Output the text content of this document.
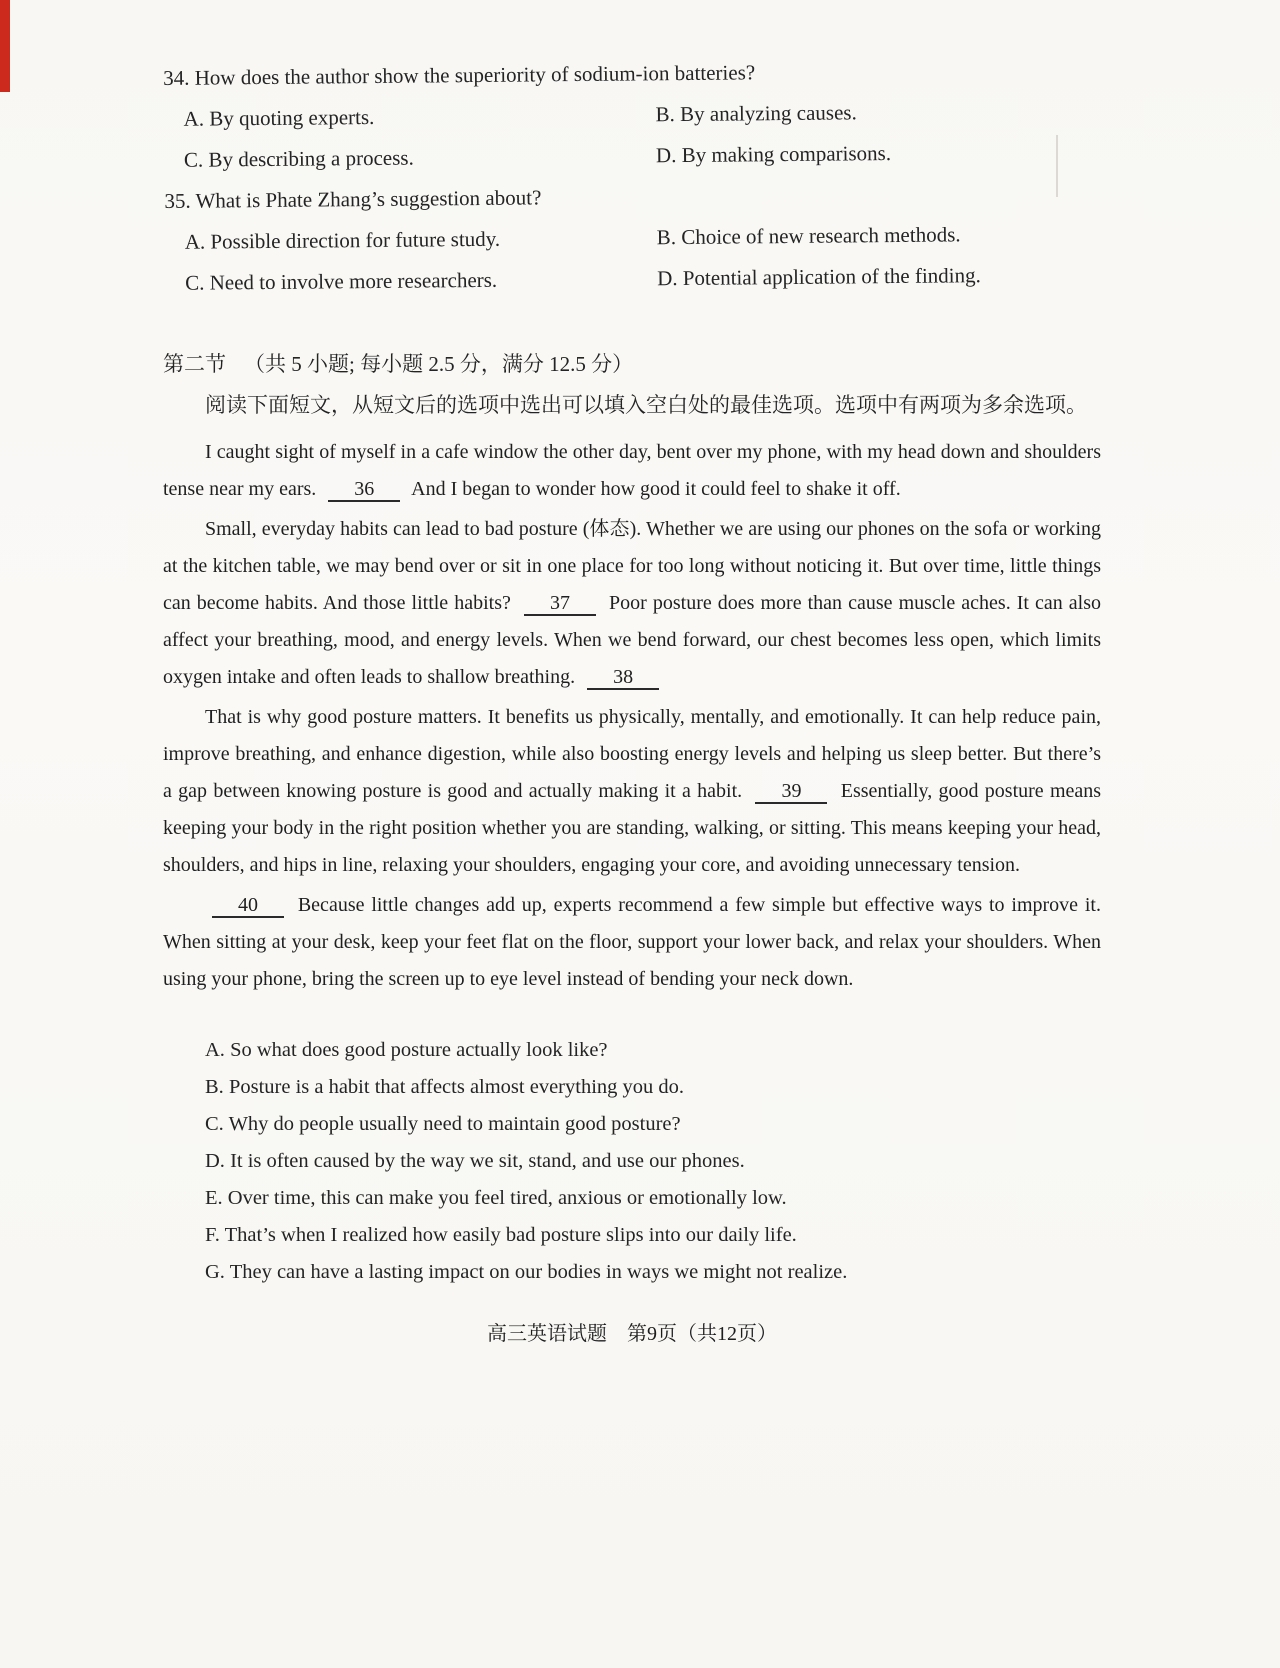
34. How does the author show the superiority of sodium-ion batteries?

A. By quoting experts.	B. By analyzing causes.

C. By describing a process.	D. By making comparisons.

35. What is Phate Zhang’s suggestion about?

A. Possible direction for future study.	B. Choice of new research methods.

C. Need to involve more researchers.	D. Potential application of the finding.

第二节 （共 5 小题; 每小题 2.5 分，满分 12.5 分）

阅读下面短文，从短文后的选项中选出可以填入空白处的最佳选项。选项中有两项为多余选项。

I caught sight of myself in a cafe window the other day, bent over my phone, with my head down and shoulders tense near my ears. 36 And I began to wonder how good it could feel to shake it off.

Small, everyday habits can lead to bad posture (体态). Whether we are using our phones on the sofa or working at the kitchen table, we may bend over or sit in one place for too long without noticing it. But over time, little things can become habits. And those little habits? 37 Poor posture does more than cause muscle aches. It can also affect your breathing, mood, and energy levels. When we bend forward, our chest becomes less open, which limits oxygen intake and often leads to shallow breathing. 38

That is why good posture matters. It benefits us physically, mentally, and emotionally. It can help reduce pain, improve breathing, and enhance digestion, while also boosting energy levels and helping us sleep better. But there’s a gap between knowing posture is good and actually making it a habit. 39 Essentially, good posture means keeping your body in the right position whether you are standing, walking, or sitting. This means keeping your head, shoulders, and hips in line, relaxing your shoulders, engaging your core, and avoiding unnecessary tension.

40 Because little changes add up, experts recommend a few simple but effective ways to improve it. When sitting at your desk, keep your feet flat on the floor, support your lower back, and relax your shoulders. When using your phone, bring the screen up to eye level instead of bending your neck down.

A. So what does good posture actually look like?

B. Posture is a habit that affects almost everything you do.

C. Why do people usually need to maintain good posture?

D. It is often caused by the way we sit, stand, and use our phones.

E. Over time, this can make you feel tired, anxious or emotionally low.

F. That’s when I realized how easily bad posture slips into our daily life.

G. They can have a lasting impact on our bodies in ways we might not realize.

高三英语试题　第9页（共12页）
